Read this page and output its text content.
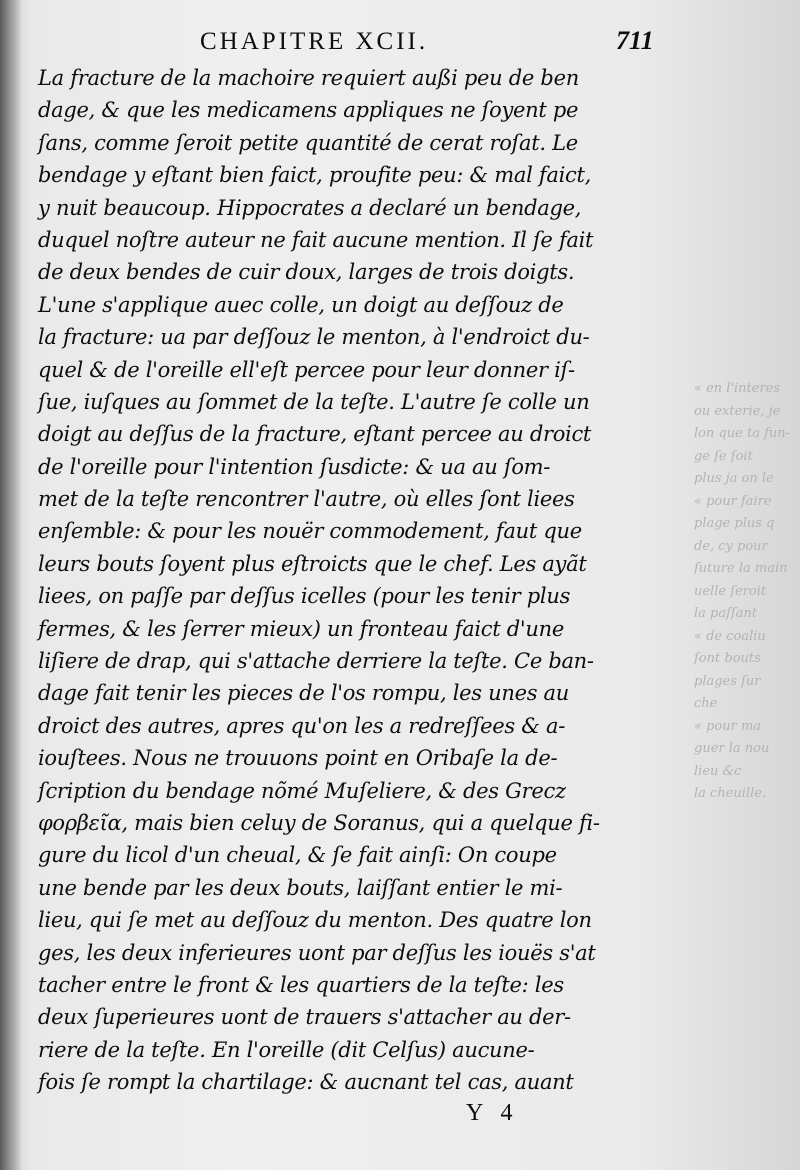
« en l'interes
ou exterie, je
lon que ta fun-
ge ſe ſoit
plus ja on le
« pour faire
plage plus q
de, cy pour
ſuture la main
uelle ſeroit
la paſſant
« de coaliu
ſont bouts
plages ſur
che
« pour ma
guer la nou
lieu &c
la cheuille.
CHAPITRE XCII.	711
La fracture de la machoire requiert außi peu de ben
dage, & que les medicamens appliques ne ſoyent pe
ſans, comme ſeroit petite quantité de cerat roſat. Le
bendage y eſtant bien faict, proufite peu: & mal faict,
y nuit beaucoup. Hippocrates a declaré un bendage,
duquel noſtre auteur ne fait aucune mention. Il ſe fait
de deux bendes de cuir doux, larges de trois doigts.
L'une s'applique auec colle, un doigt au deſſouz de
la fracture: ua par deſſouz le menton, à l'endroict du-
quel & de l'oreille ell'eſt percee pour leur donner iſ-
ſue, iuſques au ſommet de la teſte. L'autre ſe colle un
doigt au deſſus de la fracture, eſtant percee au droict
de l'oreille pour l'intention ſusdicte: & ua au ſom-
met de la teſte rencontrer l'autre, où elles ſont liees
enſemble: & pour les nouër commodement, faut que
leurs bouts ſoyent plus eſtroicts que le chef. Les ayãt
liees, on paſſe par deſſus icelles (pour les tenir plus
fermes, & les ſerrer mieux) un fronteau faict d'une
liſiere de drap, qui s'attache derriere la teſte. Ce ban-
dage fait tenir les pieces de l'os rompu, les unes au
droict des autres, apres qu'on les a redreſſees & a-
iouſtees. Nous ne trouuons point en Oribaſe la de-
ſcription du bendage nõmé Muſeliere, & des Grecz
φορβεῖα, mais bien celuy de Soranus, qui a quelque fi-
gure du licol d'un cheual, & ſe fait ainſi: On coupe
une bende par les deux bouts, laiſſant entier le mi-
lieu, qui ſe met au deſſouz du menton. Des quatre lon
ges, les deux inferieures uont par deſſus les iouës s'at
tacher entre le front & les quartiers de la teſte: les
deux ſuperieures uont de trauers s'attacher au der-
riere de la teſte. En l'oreille (dit Celſus) aucune-
fois ſe rompt la chartilage: & aucnant tel cas, auant
Y 4
